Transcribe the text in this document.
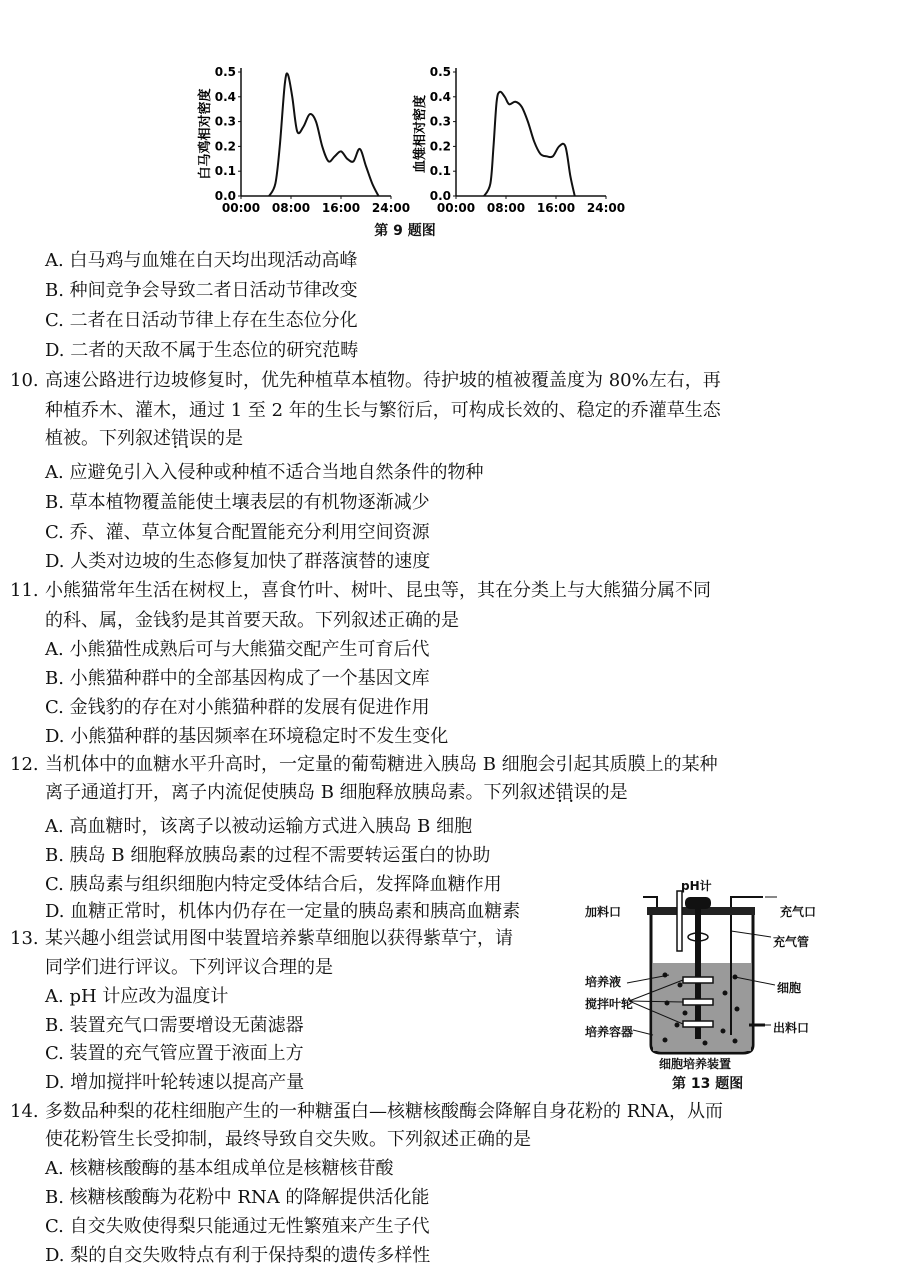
白马鸡相对密度
0.5
0.4
0.3
0.2
0.1
0.0
00:00 08:00 16:00 24:00
血雉相对密度
0.5
0.4
0.3
0.2
0.1
0.0
00:00 08:00 16:00 24:00
第 9 题图
A. 白马鸡与血雉在白天均出现活动高峰
B. 种间竞争会导致二者日活动节律改变
C. 二者在日活动节律上存在生态位分化
D. 二者的天敌不属于生态位的研究范畴
10. 高速公路进行边坡修复时，优先种植草本植物。待护坡的植被覆盖度为 80%左右，再
种植乔木、灌木，通过 1 至 2 年的生长与繁衍后，可构成长效的、稳定的乔灌草生态
植被。下列叙述错误 • •的是
A. 应避免引入入侵种或种植不适合当地自然条件的物种
B. 草本植物覆盖能使土壤表层的有机物逐渐减少
C. 乔、灌、草立体复合配置能充分利用空间资源
D. 人类对边坡的生态修复加快了群落演替的速度
11. 小熊猫常年生活在树杈上，喜食竹叶、树叶、昆虫等，其在分类上与大熊猫分属不同
的科、属，金钱豹是其首要天敌。下列叙述正确的是
A. 小熊猫性成熟后可与大熊猫交配产生可育后代
B. 小熊猫种群中的全部基因构成了一个基因文库
C. 金钱豹的存在对小熊猫种群的发展有促进作用
D. 小熊猫种群的基因频率在环境稳定时不发生变化
12. 当机体中的血糖水平升高时，一定量的葡萄糖进入胰岛 B 细胞会引起其质膜上的某种
离子通道打开，离子内流促使胰岛 B 细胞释放胰岛素。下列叙述错误 • •的是
A. 高血糖时，该离子以被动运输方式进入胰岛 B 细胞
B. 胰岛 B 细胞释放胰岛素的过程不需要转运蛋白的协助
C. 胰岛素与组织细胞内特定受体结合后，发挥降血糖作用
D. 血糖正常时，机体内仍存在一定量的胰岛素和胰高血糖素
13. 某兴趣小组尝试用图中装置培养紫草细胞以获得紫草宁，请
同学们进行评议。下列评议合理的是
A. pH 计应改为温度计
B. 装置充气口需要增设无菌滤器
C. 装置的充气管应置于液面上方
D. 增加搅拌叶轮转速以提高产量
pH计
加料口	充气口
充气管
培养液	细胞
搅拌叶轮
培养容器	出料口
细胞培养装置
第 13 题图
14. 多数品种梨的花柱细胞产生的一种糖蛋白—核糖核酸酶会降解自身花粉的 RNA，从而
使花粉管生长受抑制，最终导致自交失败。下列叙述正确的是
A. 核糖核酸酶的基本组成单位是核糖核苷酸
B. 核糖核酸酶为花粉中 RNA 的降解提供活化能
C. 自交失败使得梨只能通过无性繁殖来产生子代
D. 梨的自交失败特点有利于保持梨的遗传多样性
